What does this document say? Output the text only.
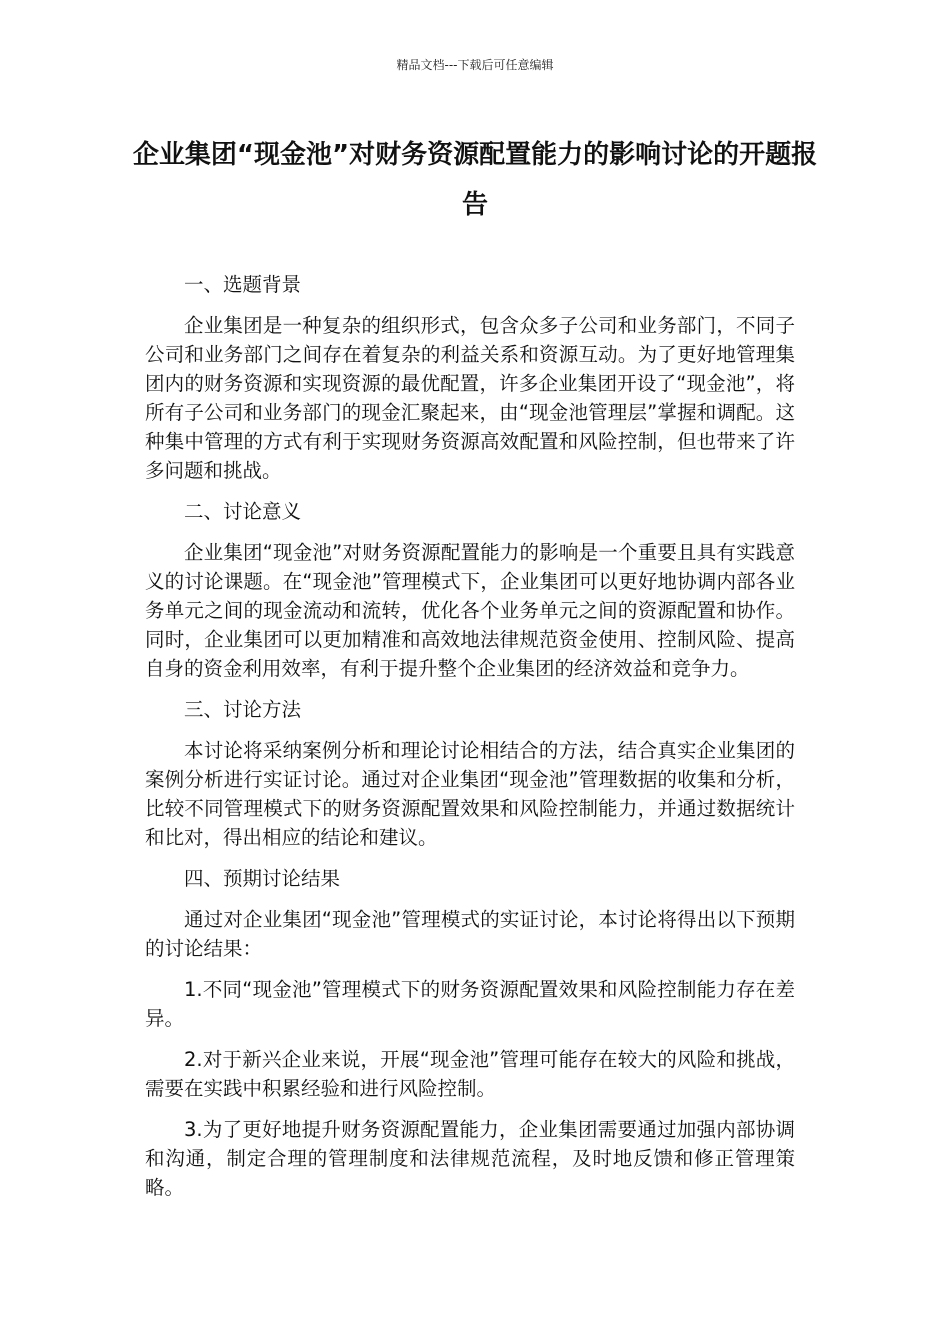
精品文档---下载后可任意编辑
企业集团“现金池”对财务资源配置能力的影响讨论的开题报告

一、选题背景

企业集团是一种复杂的组织形式，包含众多子公司和业务部门，不同子公司和业务部门之间存在着复杂的利益关系和资源互动。为了更好地管理集团内的财务资源和实现资源的最优配置，许多企业集团开设了“现金池”，将所有子公司和业务部门的现金汇聚起来，由“现金池管理层”掌握和调配。这种集中管理的方式有利于实现财务资源高效配置和风险控制，但也带来了许多问题和挑战。

二、讨论意义

企业集团“现金池”对财务资源配置能力的影响是一个重要且具有实践意义的讨论课题。在“现金池”管理模式下，企业集团可以更好地协调内部各业务单元之间的现金流动和流转，优化各个业务单元之间的资源配置和协作。同时，企业集团可以更加精准和高效地法律规范资金使用、控制风险、提高自身的资金利用效率，有利于提升整个企业集团的经济效益和竞争力。

三、讨论方法

本讨论将采纳案例分析和理论讨论相结合的方法，结合真实企业集团的案例分析进行实证讨论。通过对企业集团“现金池”管理数据的收集和分析，比较不同管理模式下的财务资源配置效果和风险控制能力，并通过数据统计和比对，得出相应的结论和建议。

四、预期讨论结果

通过对企业集团“现金池”管理模式的实证讨论，本讨论将得出以下预期的讨论结果：

1.不同“现金池”管理模式下的财务资源配置效果和风险控制能力存在差异。

2.对于新兴企业来说，开展“现金池”管理可能存在较大的风险和挑战，需要在实践中积累经验和进行风险控制。

3.为了更好地提升财务资源配置能力，企业集团需要通过加强内部协调和沟通，制定合理的管理制度和法律规范流程，及时地反馈和修正管理策略。
